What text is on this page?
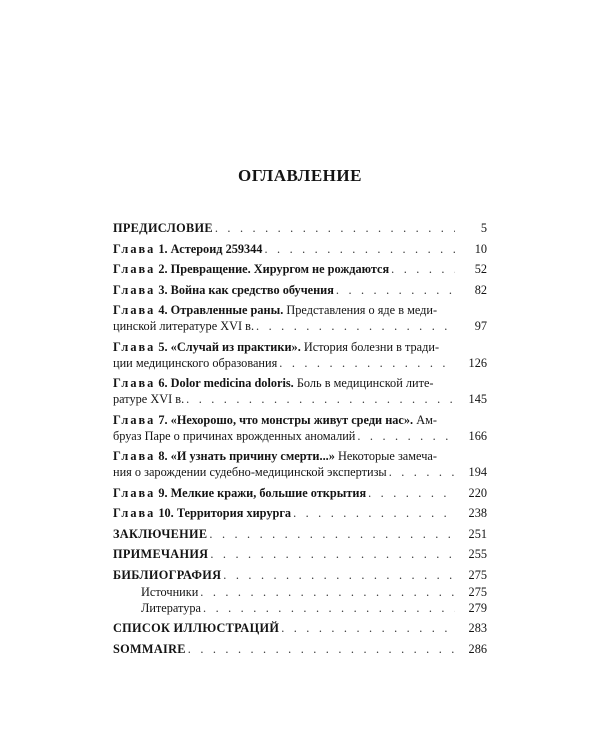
ОГЛАВЛЕНИЕ
ПРЕДИСЛОВИЕ . . .	5
Глава 1. Астероид 259344 . . .	10
Глава 2. Превращение. Хирургом не рождаются . . .	52
Глава 3. Война как средство обучения . . .	82
Глава 4. Отравленные раны. Представления о яде в меди-
цинской литературе XVI в. . . .	97
Глава 5. «Случай из практики». История болезни в тради-
ции медицинского образования . . .	126
Глава 6. Dolor medicina doloris. Боль в медицинской лите-
ратуре XVI в. . . .	145
Глава 7. «Нехорошо, что монстры живут среди нас». Ам-
бруаз Паре о причинах врожденных аномалий . . .	166
Глава 8. «И узнать причину смерти...» Некоторые замеча-
ния о зарождении судебно-медицинской экспертизы . . .	194
Глава 9. Мелкие кражи, большие открытия . . .	220
Глава 10. Территория хирурга . . .	238
ЗАКЛЮЧЕНИЕ . . .	251
ПРИМЕЧАНИЯ . . .	255
БИБЛИОГРАФИЯ . . .	275
Источники . . .	275
Литература . . .	279
СПИСОК ИЛЛЮСТРАЦИЙ . . .	283
SOMMAIRE . . .	286
